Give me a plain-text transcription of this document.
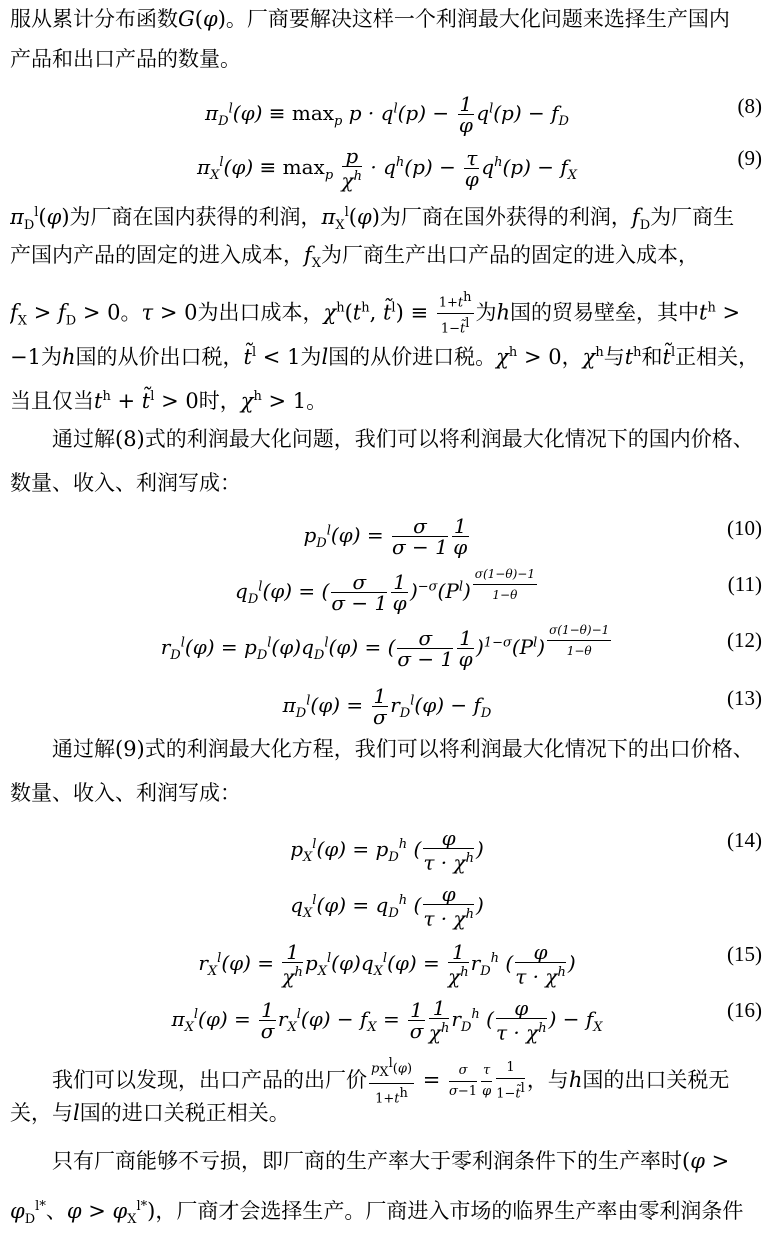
服从累计分布函数G(φ)。厂商要解决这样一个利润最大化问题来选择生产国内
产品和出口产品的数量。
$\pi_D^l(\varphi) \equiv \max_p p \cdot q^l(p) - \frac{1}{\varphi} q^l(p) - f_D$
(8)
$\pi_X^l(\varphi) \equiv \max_p \frac{p}{\chi^h} \cdot q^h(p) - \frac{\tau}{\varphi} q^h(p) - f_X$
(9)
$\pi_D^l(\varphi)$为厂商在国内获得的利润，$\pi_X^l(\varphi)$为厂商在国外获得的利润，$f_D$为厂商生
产国内产品的固定的进入成本，$f_X$为厂商生产出口产品的固定的进入成本，
$f_X > f_D > 0$。τ > 0为出口成本，$\chi^h(t^h$, t̃$^l$) ≡ $\frac{1+t^h}{1-t̃^l}$ 为h国的贸易壁垒，其中$t^h$ >
−1为h国的从价出口税，t̃$^l$ < 1为l国的从价进口税。$\chi^h > 0$，$\chi^h$与$t^h$和t̃$^l$正相关，
当且仅当$t^h$ + t̃$^l$ > 0时，$\chi^h > 1$。
通过解(8)式的利润最大化问题，我们可以将利润最大化情况下的国内价格、
数量、收入、利润写成：
$p_D^l(\varphi) = \frac{\sigma}{\sigma - 1} \frac{1}{\varphi}$	(10)
$q_D^l(\varphi)$ = ( $\frac{\sigma}{\sigma - 1} \frac{1}{\varphi} )^{-\sigma}(P^l)$ $^{\frac{\sigma(1-\theta)-1}{1-\theta}}$	(11)
$r_D^l(\varphi) = p_D^l(\varphi)q_D^l(\varphi)$ = ( $\frac{\sigma}{\sigma - 1} \frac{1}{\varphi} )^{1-\sigma}(P^l)$ $^{\frac{\sigma(1-\theta)-1}{1-\theta}}$	(12)
$\pi_D^l(\varphi) = \frac{1}{\sigma} r_D^l(\varphi) - f_D$
(13)
通过解(9)式的利润最大化方程，我们可以将利润最大化情况下的出口价格、
数量、收入、利润写成：
$p_X^l(\varphi) = p_D^h$ ( $\frac{\varphi}{\tau \cdot \chi^h}$ )	(14)
$q_X^l(\varphi) = q_D^h$ ( $\frac{\varphi}{\tau \cdot \chi^h}$ )
$r_X^l(\varphi) = \frac{1}{\chi^h} p_X^l(\varphi)q_X^l(\varphi) = \frac{1}{\chi^h} r_D^h$ ( $\frac{\varphi}{\tau \cdot \chi^h}$ )	(15)
$\pi_X^l(\varphi) = \frac{1}{\sigma} r_X^l(\varphi) - f_X = \frac{1}{\sigma} \frac{1}{\chi^h} r_D^h$ ( $\frac{\varphi}{\tau \cdot \chi^h}$ ) − $f_X$
(16)
我们可以发现，出口产品的出厂价 $\frac{p_X^l(\varphi)}{1+t^h} = \frac{\sigma}{\sigma-1} \frac{\tau}{\varphi} \frac{1}{1-t̃^l}$ ，与h国的出口关税无
关，与l国的进口关税正相关。
只有厂商能够不亏损，即厂商的生产率大于零利润条件下的生产率时(φ >
$\varphi_D^{l*}$、$\varphi > \varphi_X^{l*}$)，厂商才会选择生产。厂商进入市场的临界生产率由零利润条件
